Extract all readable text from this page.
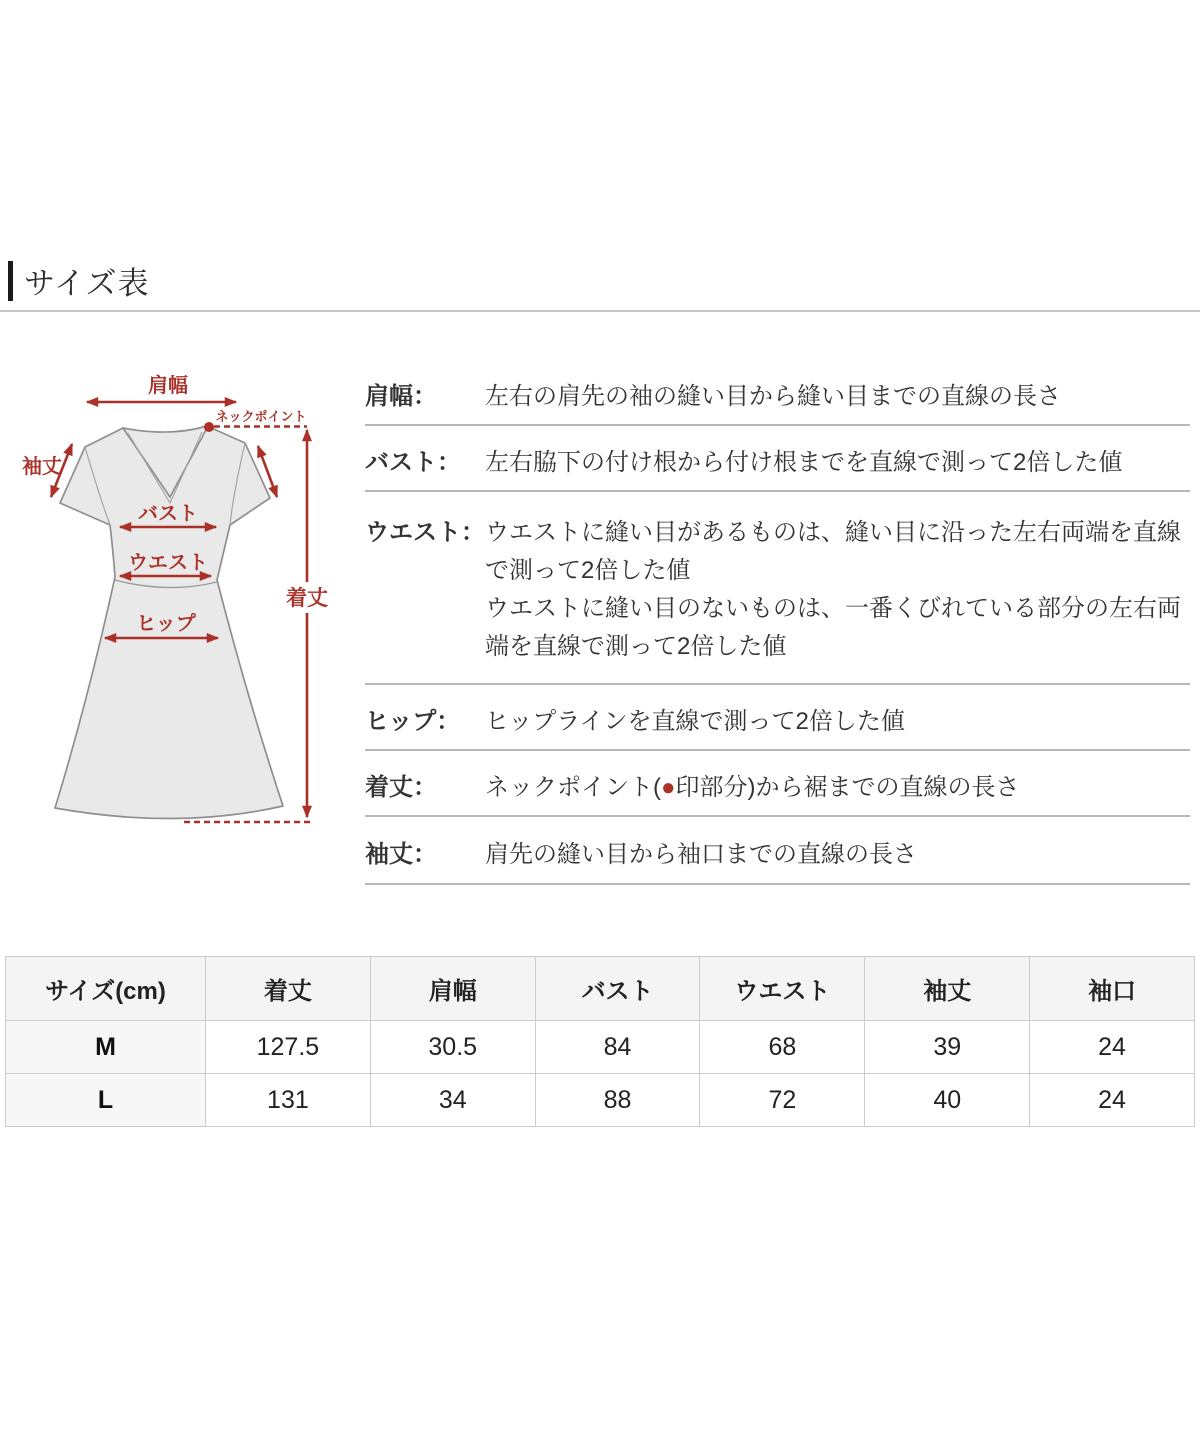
サイズ表
肩幅
ネックポイント
袖丈
バスト
ウエスト
ヒップ
着丈
肩幅：	左右の肩先の袖の縫い目から縫い目までの直線の長さ
バスト：	左右脇下の付け根から付け根までを直線で測って2倍した値
ウエスト： ウエストに縫い目があるものは、縫い目に沿った左右両端を直線で測って2倍した値
ウエストに縫い目のないものは、一番くびれている部分の左右両端を直線で測って2倍した値
ヒップ：	ヒップラインを直線で測って2倍した値
着丈：	ネックポイント(●印部分)から裾までの直線の長さ
袖丈：	肩先の縫い目から袖口までの直線の長さ
サイズ(cm)	着丈	肩幅	バスト	ウエスト	袖丈	袖口
M	127.5	30.5	84	68	39	24
L	131	34	88	72	40	24
